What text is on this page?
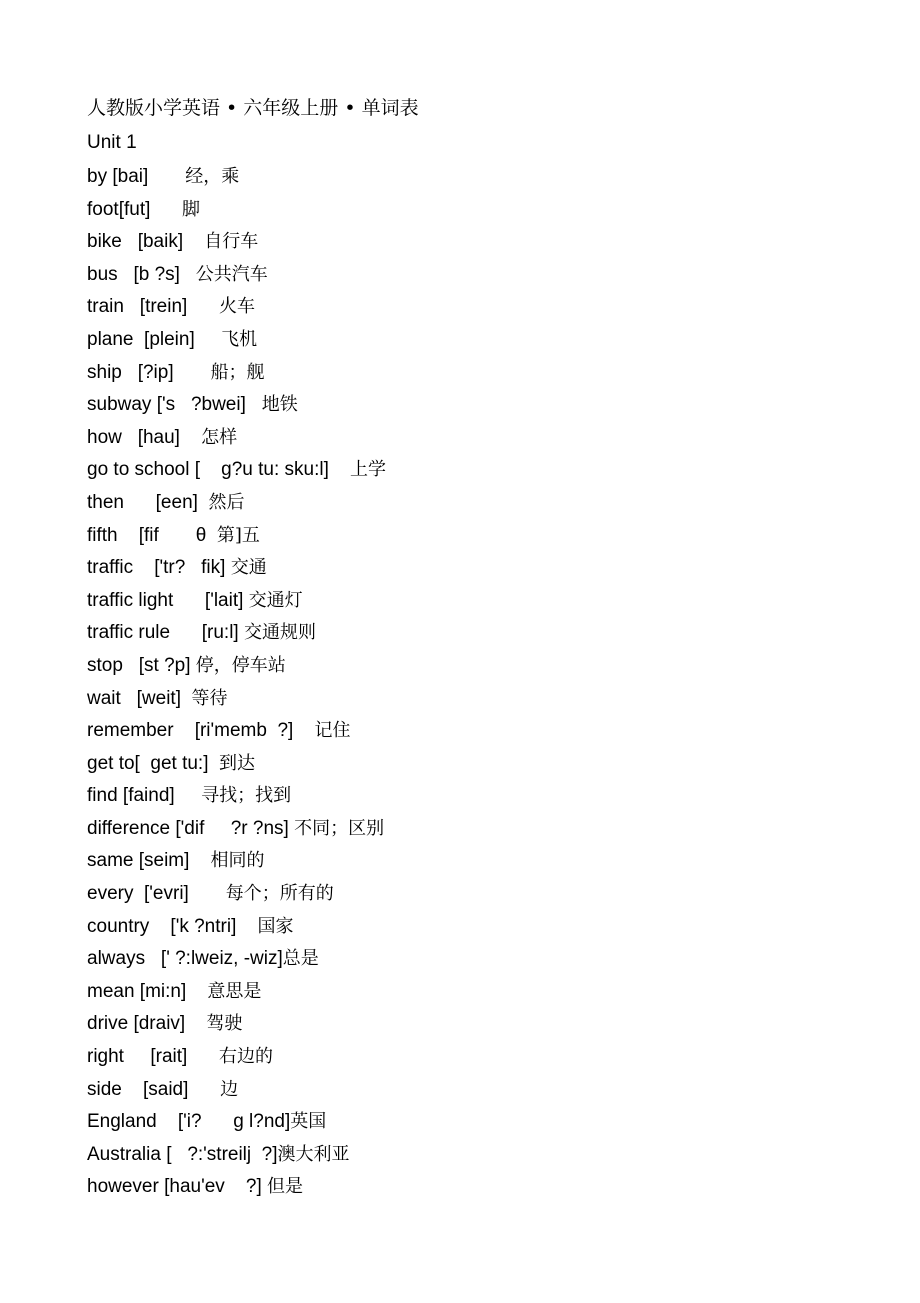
人教版小学英语 • 六年级上册 • 单词表
Unit 1
by [bai]       经，乘
foot[fut]      脚
bike   [baik]    自行车
bus   [b ?s]   公共汽车
train   [trein]      火车
plane  [plein]     飞机
ship   [?ip]       船；舰
subway ['s   ?bwei]   地铁
how   [hau]    怎样
go to school [    ɡ?u tu: sku:l]    上学
then      [een]  然后
fifth    [fif       θ  第]五
traffic    ['tr?   fik] 交通
traffic light      ['lait] 交通灯
traffic rule      [ru:l] 交通规则
stop   [st ?p] 停，停车站
wait   [weit]  等待
remember    [ri'memb  ?]    记住
get to[  ɡet tu:]  到达
find [faind]     寻找；找到
difference ['dif     ?r ?ns] 不同；区别
same [seim]    相同的
every  ['evri]       每个；所有的
country    ['k ?ntri]    国家
always   [' ?:lweiz, -wiz]总是
mean [mi:n]    意思是
drive [draiv]    驾驶
right     [rait]      右边的
side    [said]      边
England    ['i?      ɡ l?nd]英国
Australia [   ?:'streilj  ?]澳大利亚
however [hau'ev    ?] 但是
